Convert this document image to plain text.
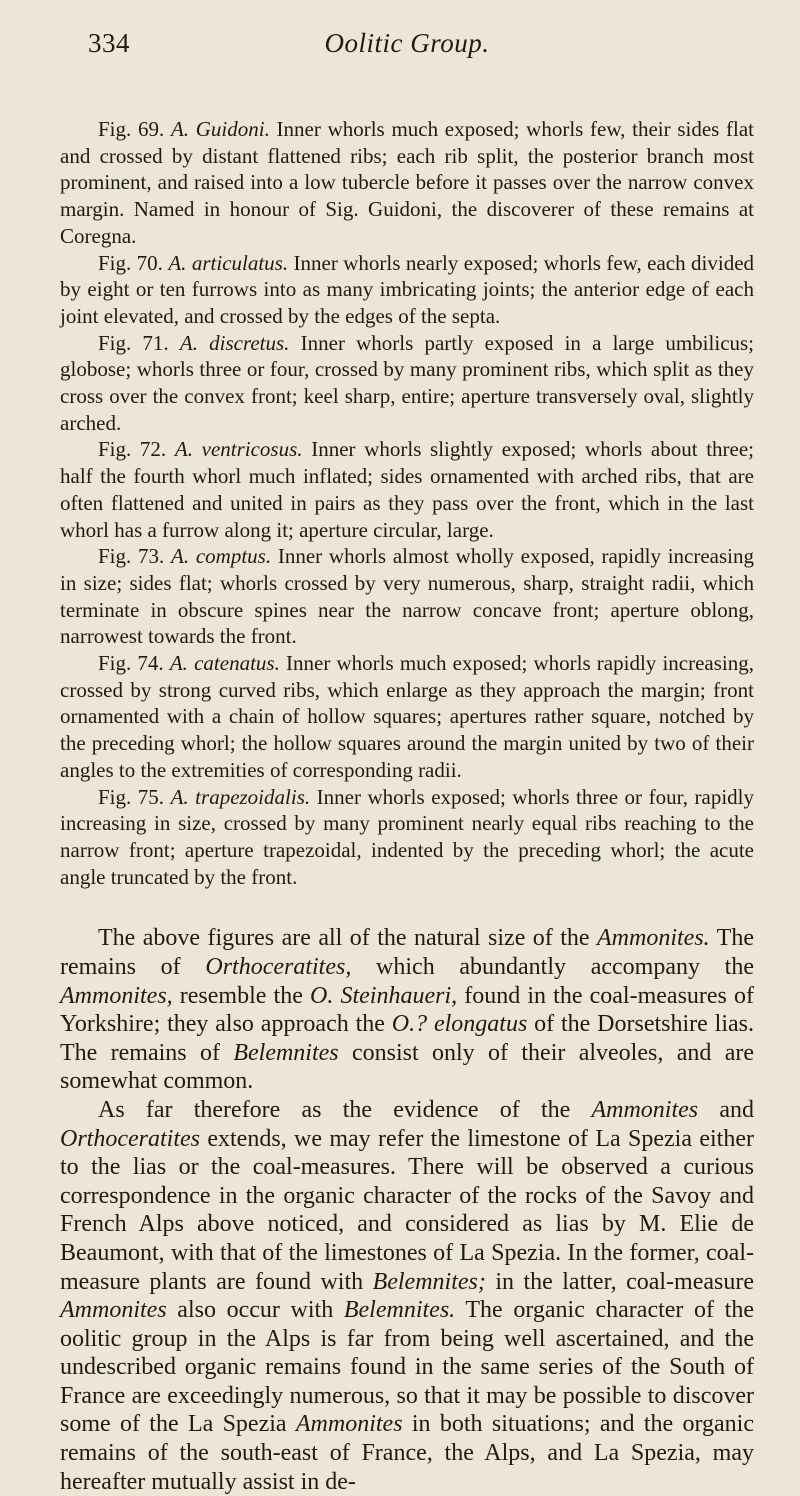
334	Oolitic Group.

Fig. 69. A. Guidoni. Inner whorls much exposed; whorls few, their sides flat and crossed by distant flattened ribs; each rib split, the posterior branch most prominent, and raised into a low tubercle before it passes over the narrow convex margin. Named in honour of Sig. Guidoni, the discoverer of these remains at Coregna.

Fig. 70. A. articulatus. Inner whorls nearly exposed; whorls few, each divided by eight or ten furrows into as many imbricating joints; the anterior edge of each joint elevated, and crossed by the edges of the septa.

Fig. 71. A. discretus. Inner whorls partly exposed in a large umbilicus; globose; whorls three or four, crossed by many prominent ribs, which split as they cross over the convex front; keel sharp, entire; aperture transversely oval, slightly arched.

Fig. 72. A. ventricosus. Inner whorls slightly exposed; whorls about three; half the fourth whorl much inflated; sides ornamented with arched ribs, that are often flattened and united in pairs as they pass over the front, which in the last whorl has a furrow along it; aperture circular, large.

Fig. 73. A. comptus. Inner whorls almost wholly exposed, rapidly increasing in size; sides flat; whorls crossed by very numerous, sharp, straight radii, which terminate in obscure spines near the narrow concave front; aperture oblong, narrowest towards the front.

Fig. 74. A. catenatus. Inner whorls much exposed; whorls rapidly increasing, crossed by strong curved ribs, which enlarge as they approach the margin; front ornamented with a chain of hollow squares; apertures rather square, notched by the preceding whorl; the hollow squares around the margin united by two of their angles to the extremities of corresponding radii.

Fig. 75. A. trapezoidalis. Inner whorls exposed; whorls three or four, rapidly increasing in size, crossed by many prominent nearly equal ribs reaching to the narrow front; aperture trapezoidal, indented by the preceding whorl; the acute angle truncated by the front.

The above figures are all of the natural size of the Ammonites. The remains of Orthoceratites, which abundantly accompany the Ammonites, resemble the O. Steinhaueri, found in the coal-measures of Yorkshire; they also approach the O.? elongatus of the Dorsetshire lias. The remains of Belemnites consist only of their alveoles, and are somewhat common.

As far therefore as the evidence of the Ammonites and Orthoceratites extends, we may refer the limestone of La Spezia either to the lias or the coal-measures. There will be observed a curious correspondence in the organic character of the rocks of the Savoy and French Alps above noticed, and considered as lias by M. Elie de Beaumont, with that of the limestones of La Spezia. In the former, coal-measure plants are found with Belemnites; in the latter, coal-measure Ammonites also occur with Belemnites. The organic character of the oolitic group in the Alps is far from being well ascertained, and the undescribed organic remains found in the same series of the South of France are exceedingly numerous, so that it may be possible to discover some of the La Spezia Ammonites in both situations; and the organic remains of the south-east of France, the Alps, and La Spezia, may hereafter mutually assist in de-
